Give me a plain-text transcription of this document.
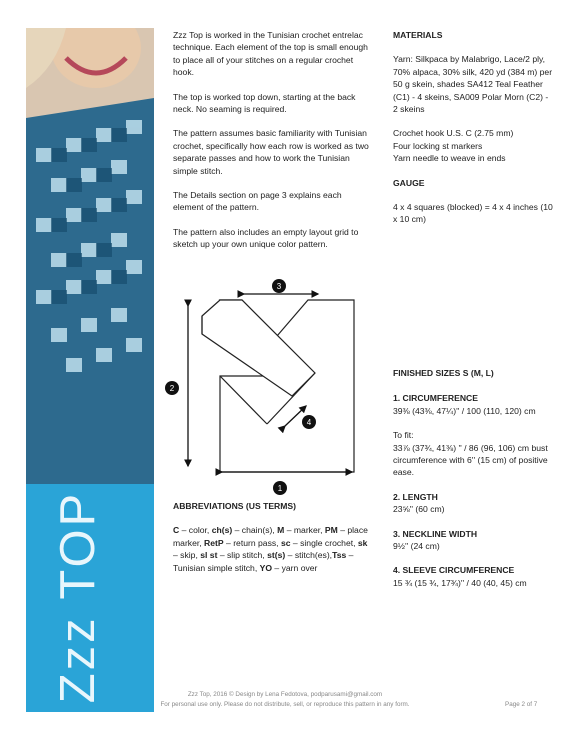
Zzz TOP

Zzz Top is worked in the Tunisian crochet entrelac technique. Each element of the top is small enough to place all of your stitches on a regular crochet hook.

The top is worked top down, starting at the back neck. No seaming is required.

The pattern assumes basic familiarity with Tunisian crochet, specifically how each row is worked as two separate passes and how to work the Tunisian simple stitch.

The Details section on page 3 explains each element of the pattern.

The pattern also includes an empty layout grid to sketch up your own unique color pattern.

MATERIALS

Yarn: Silkpaca by Malabrigo, Lace/2 ply, 70% alpaca, 30% silk, 420 yd (384 m) per 50 g skein, shades SA412 Teal Feather (C1) - 4 skeins, SA009 Polar Morn (C2) - 2 skeins

Crochet hook U.S. C (2.75 mm)
Four locking st markers
Yarn needle to weave in ends

GAUGE

4 x 4 squares (blocked) = 4 x 4 inches (10 x 10 cm)

3
2
4
1
FINISHED SIZES S (M, L)
1. CIRCUMFERENCE

39⅜ (43⅜, 47¼)'' / 100 (110, 120) cm

To fit:
33⅞ (37¾, 41⅜) '' / 86 (96, 106) cm bust circumference with 6'' (15 cm) of positive ease.

2. LENGTH

23⅝'' (60 cm)

3. NECKLINE WIDTH

9½'' (24 cm)

4. SLEEVE CIRCUMFERENCE

15 ¾ (15 ¾, 17¾)'' / 40 (40, 45) cm

ABBREVIATIONS (US TERMS)

C – color, ch(s) – chain(s), M – marker, PM – place marker, RetP – return pass, sc – single crochet, sk – skip, sl st – slip stitch, st(s) – stitch(es),Tss – Tunisian simple stitch, YO – yarn over

Zzz Top, 2016 © Design by Lena Fedotova, podparusami@gmail.com
For personal use only. Please do not distribute, sell, or reproduce this pattern in any form.	Page 2 of 7
